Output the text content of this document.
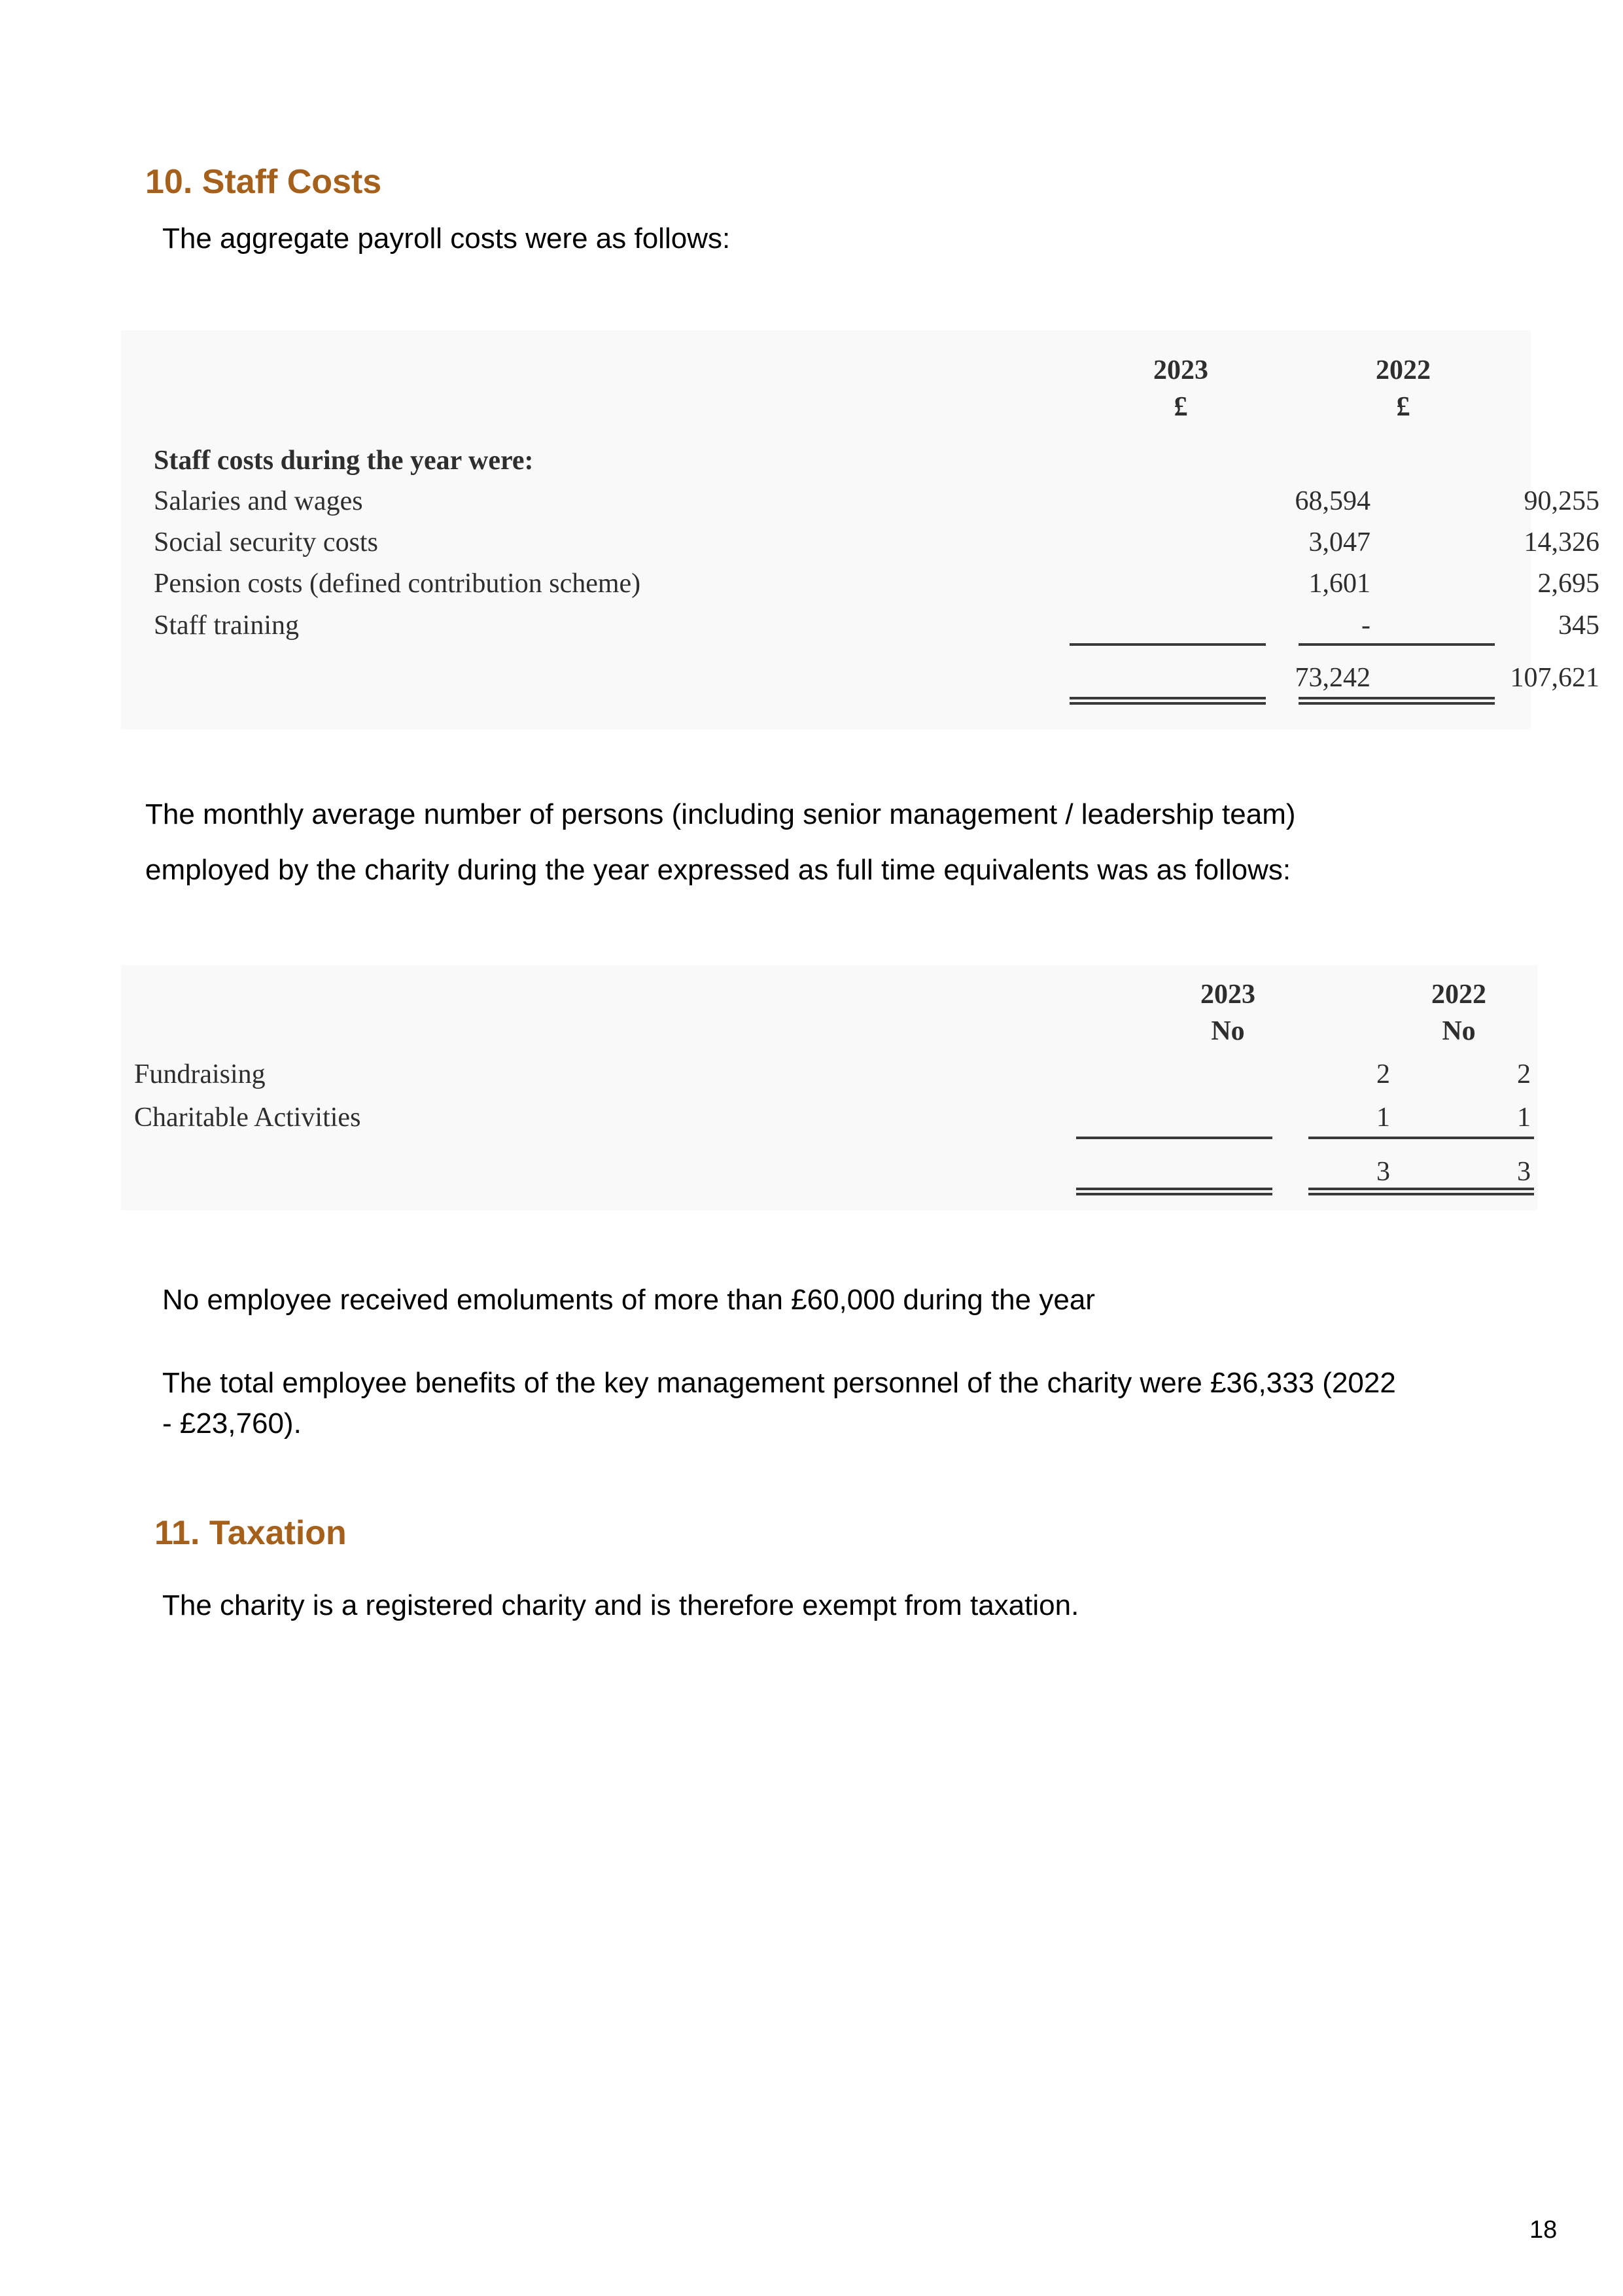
10. Staff Costs
The aggregate payroll costs were as follows:
2023
£
2022
£
Staff costs during the year were:
Salaries and wages	68,594	90,255
Social security costs	3,047	14,326
Pension costs (defined contribution scheme)	1,601	2,695
Staff training	-	345
73,242	107,621
The monthly average number of persons (including senior management / leadership team)
employed by the charity during the year expressed as full time equivalents was as follows:
2023
No
2022
No
Fundraising	2	2
Charitable Activities	1	1
3	3
No employee received emoluments of more than £60,000 during the year
The total employee benefits of the key management personnel of the charity were £36,333 (2022
- £23,760).
11. Taxation
The charity is a registered charity and is therefore exempt from taxation.
18
